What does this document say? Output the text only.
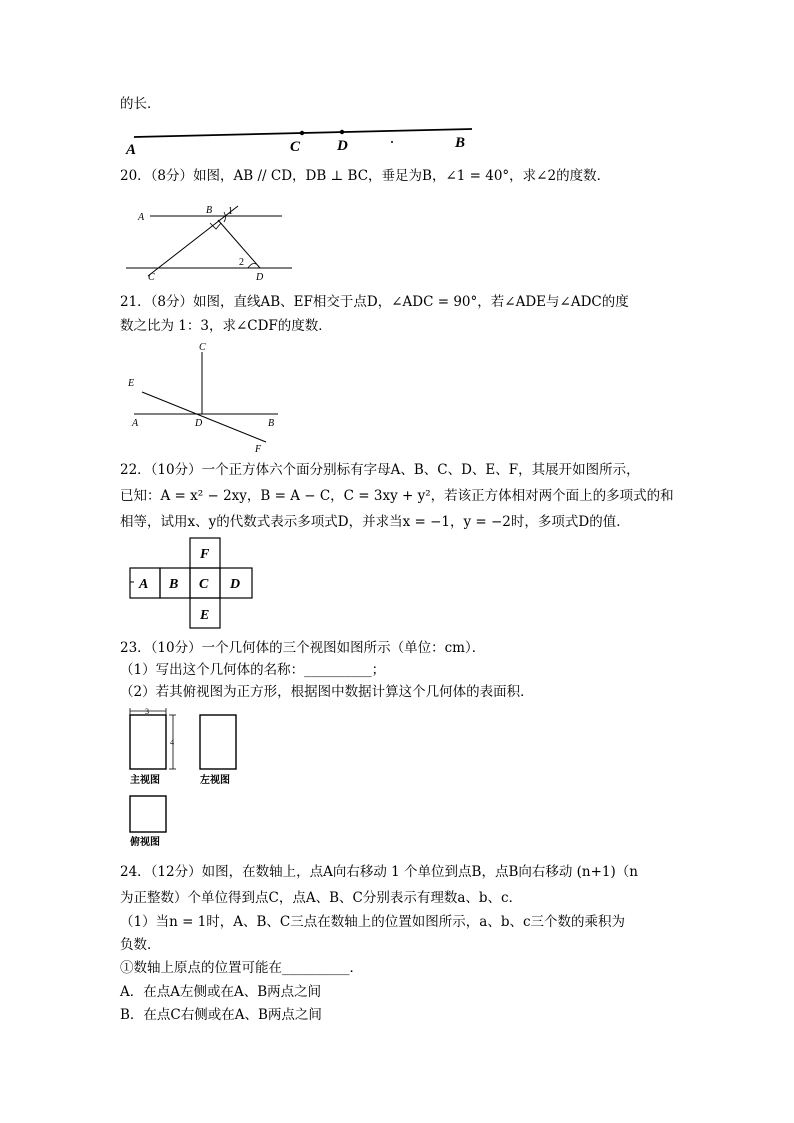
的长．
A	C D	B
20．（8分）如图，AB // CD，DB ⊥ BC，垂足为B，∠1 = 40°，求∠2的度数．
A
B 1
2
C	D
21．（8分）如图，直线AB、EF相交于点D，∠ADC = 90°，若∠ADE与∠ADC的度
数之比为 1：3，求∠CDF的度数．
C
E
A	D	B
F
22．（10分）一个正方体六个面分别标有字母A、B、C、D、E、F，其展开如图所示，
已知：A = x² − 2xy，B = A − C，C = 3xy + y²，若该正方体相对两个面上的多项式的和
相等，试用x、y的代数式表示多项式D，并求当x = −1，y = −2时，多项式D的值．
F
A B C D
E
23．（10分）一个几何体的三个视图如图所示（单位：cm）．
（1）写出这个几何体的名称：__________；
（2）若其俯视图为正方形，根据图中数据计算这个几何体的表面积．
3
4
主视图	左视图
俯视图
24．（12分）如图，在数轴上，点A向右移动 1 个单位到点B，点B向右移动 (n+1)（n
为正整数）个单位得到点C，点A、B、C分别表示有理数a、b、c．
（1）当n = 1时，A、B、C三点在数轴上的位置如图所示，a、b、c三个数的乘积为
负数．
①数轴上原点的位置可能在__________．
A．在点A左侧或在A、B两点之间
B．在点C右侧或在A、B两点之间
